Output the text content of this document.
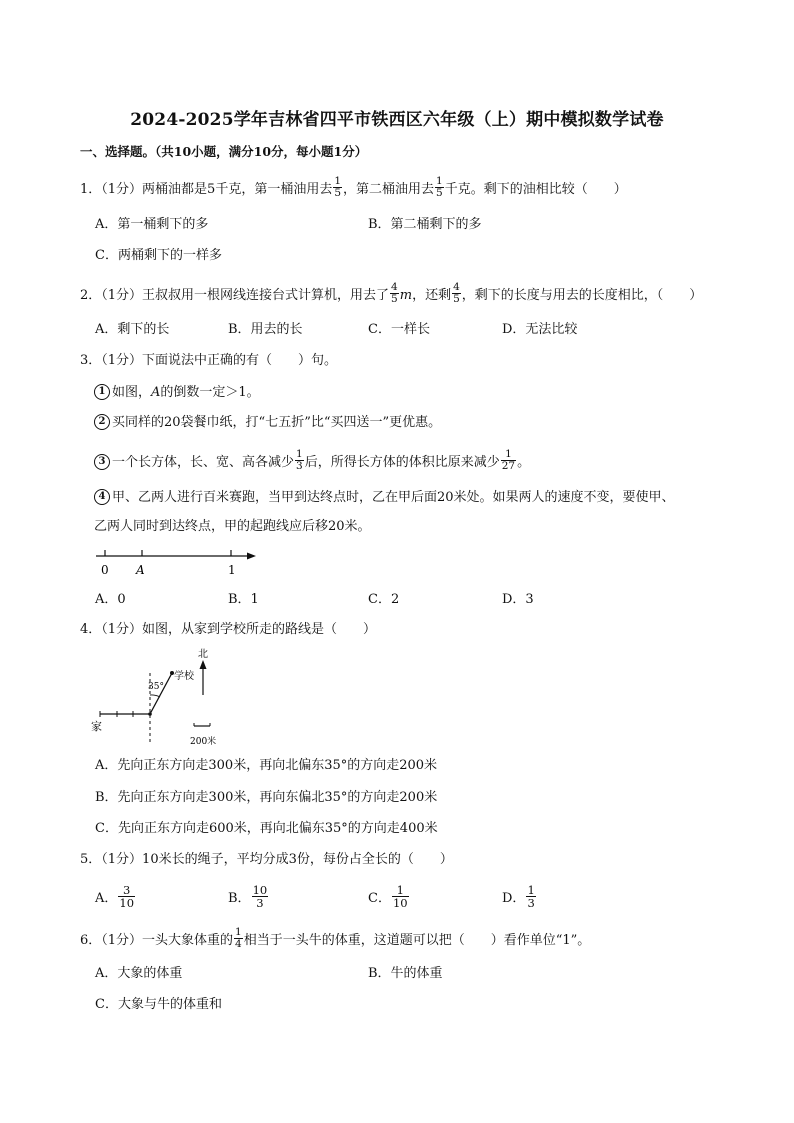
2024-2025学年吉林省四平市铁西区六年级（上）期中模拟数学试卷
一、选择题。（共10小题，满分10分，每小题1分）
1．（1分）两桶油都是5千克，第一桶油用去 $\frac{1}{5}$ ，第二桶油用去 $\frac{1}{5}$ 千克。剩下的油相比较（　　）
A．第一桶剩下的多	B．第二桶剩下的多
C．两桶剩下的一样多
2．（1分）王叔叔用一根网线连接台式计算机，用去了 $\frac{4}{5}$ m，还剩 $\frac{4}{5}$ ，剩下的长度与用去的长度相比，（　　）
A．剩下的长	B．用去的长	C．一样长	D．无法比较
3．（1分）下面说法中正确的有（　　）句。
1 如图，A的倒数一定＞1。
2 买同样的20袋餐巾纸，打“七五折”比“买四送一”更优惠。
3 一个长方体，长、宽、高各减少 $\frac{1}{3}$ 后，所得长方体的体积比原来减少 $\frac{1}{27}$ 。
4 甲、乙两人进行百米赛跑，当甲到达终点时，乙在甲后面20米处。如果两人的速度不变，要使甲、
乙两人同时到达终点，甲的起跑线应后移20米。
0 A	1
A．0	B．1	C．2	D．3
4．（1分）如图，从家到学校所走的路线是（　　）
家
学校
35°
北
200米
A．先向正东方向走300米，再向北偏东35°的方向走200米
B．先向正东方向走300米，再向东偏北35°的方向走200米
C．先向正东方向走600米，再向北偏东35°的方向走400米
5．（1分）10米长的绳子，平均分成3份，每份占全长的（　　）
A． $\frac{3}{10}$	B． $\frac{10}{3}$	C． $\frac{1}{10}$	D． $\frac{1}{3}$
6．（1分）一头大象体重的 $\frac{1}{4}$ 相当于一头牛的体重，这道题可以把（　　）看作单位“1”。
A．大象的体重	B．牛的体重
C．大象与牛的体重和
